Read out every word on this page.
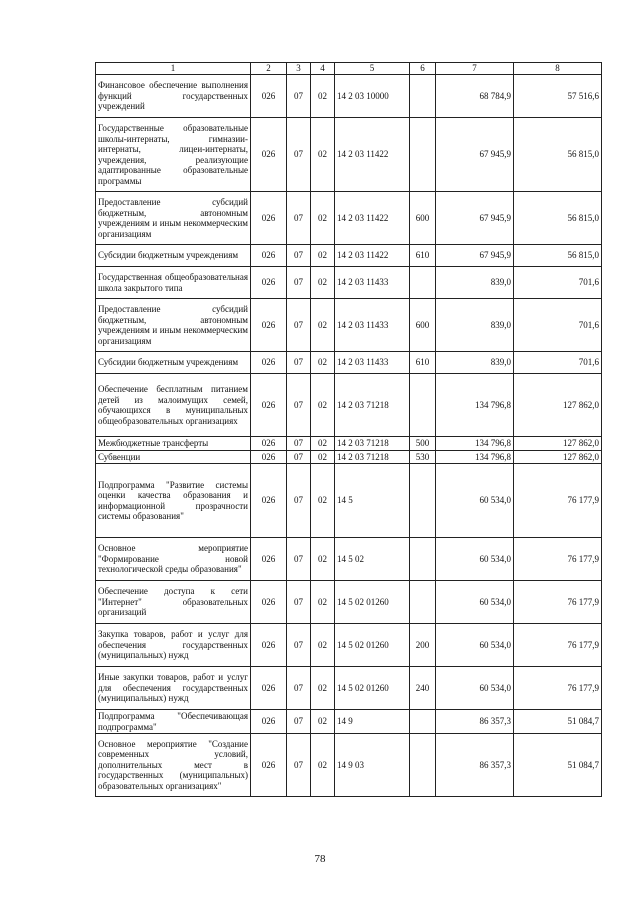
1	2	3	4	5	6	7	8
Финансовое обеспечение выполнения функций государственных учреждений	026	07	02	14 2 03 10000		68 784,9	57 516,6
Государственные образовательные школы-интернаты, гимназии-интернаты, лицеи-интернаты, учреждения, реализующие адаптированные образовательные программы	026	07	02	14 2 03 11422		67 945,9	56 815,0
Предоставление субсидий бюджетным, автономным учреждениям и иным некоммерческим организациям	026	07	02	14 2 03 11422	600	67 945,9	56 815,0
Субсидии бюджетным учреждениям	026	07	02	14 2 03 11422	610	67 945,9	56 815,0
Государственная общеобразовательная школа закрытого типа	026	07	02	14 2 03 11433		839,0	701,6
Предоставление субсидий бюджетным, автономным учреждениям и иным некоммерческим организациям	026	07	02	14 2 03 11433	600	839,0	701,6
Субсидии бюджетным учреждениям	026	07	02	14 2 03 11433	610	839,0	701,6
Обеспечение бесплатным питанием детей из малоимущих семей, обучающихся в муниципальных общеобразовательных организациях	026	07	02	14 2 03 71218		134 796,8	127 862,0
Межбюджетные трансферты	026	07	02	14 2 03 71218	500	134 796,8	127 862,0
Субвенции	026	07	02	14 2 03 71218	530	134 796,8	127 862,0
Подпрограмма "Развитие системы оценки качества образования и информационной прозрачности системы образования"	026	07	02	14 5		60 534,0	76 177,9
Основное мероприятие "Формирование новой технологической среды образования"	026	07	02	14 5 02		60 534,0	76 177,9
Обеспечение доступа к сети "Интернет" образовательных организаций	026	07	02	14 5 02 01260		60 534,0	76 177,9
Закупка товаров, работ и услуг для обеспечения государственных (муниципальных) нужд	026	07	02	14 5 02 01260	200	60 534,0	76 177,9
Иные закупки товаров, работ и услуг для обеспечения государственных (муниципальных) нужд	026	07	02	14 5 02 01260	240	60 534,0	76 177,9
Подпрограмма "Обеспечивающая подпрограмма"	026	07	02	14 9		86 357,3	51 084,7
Основное мероприятие "Создание современных условий, дополнительных мест в государственных (муниципальных) образовательных организациях"	026	07	02	14 9 03		86 357,3	51 084,7
78
